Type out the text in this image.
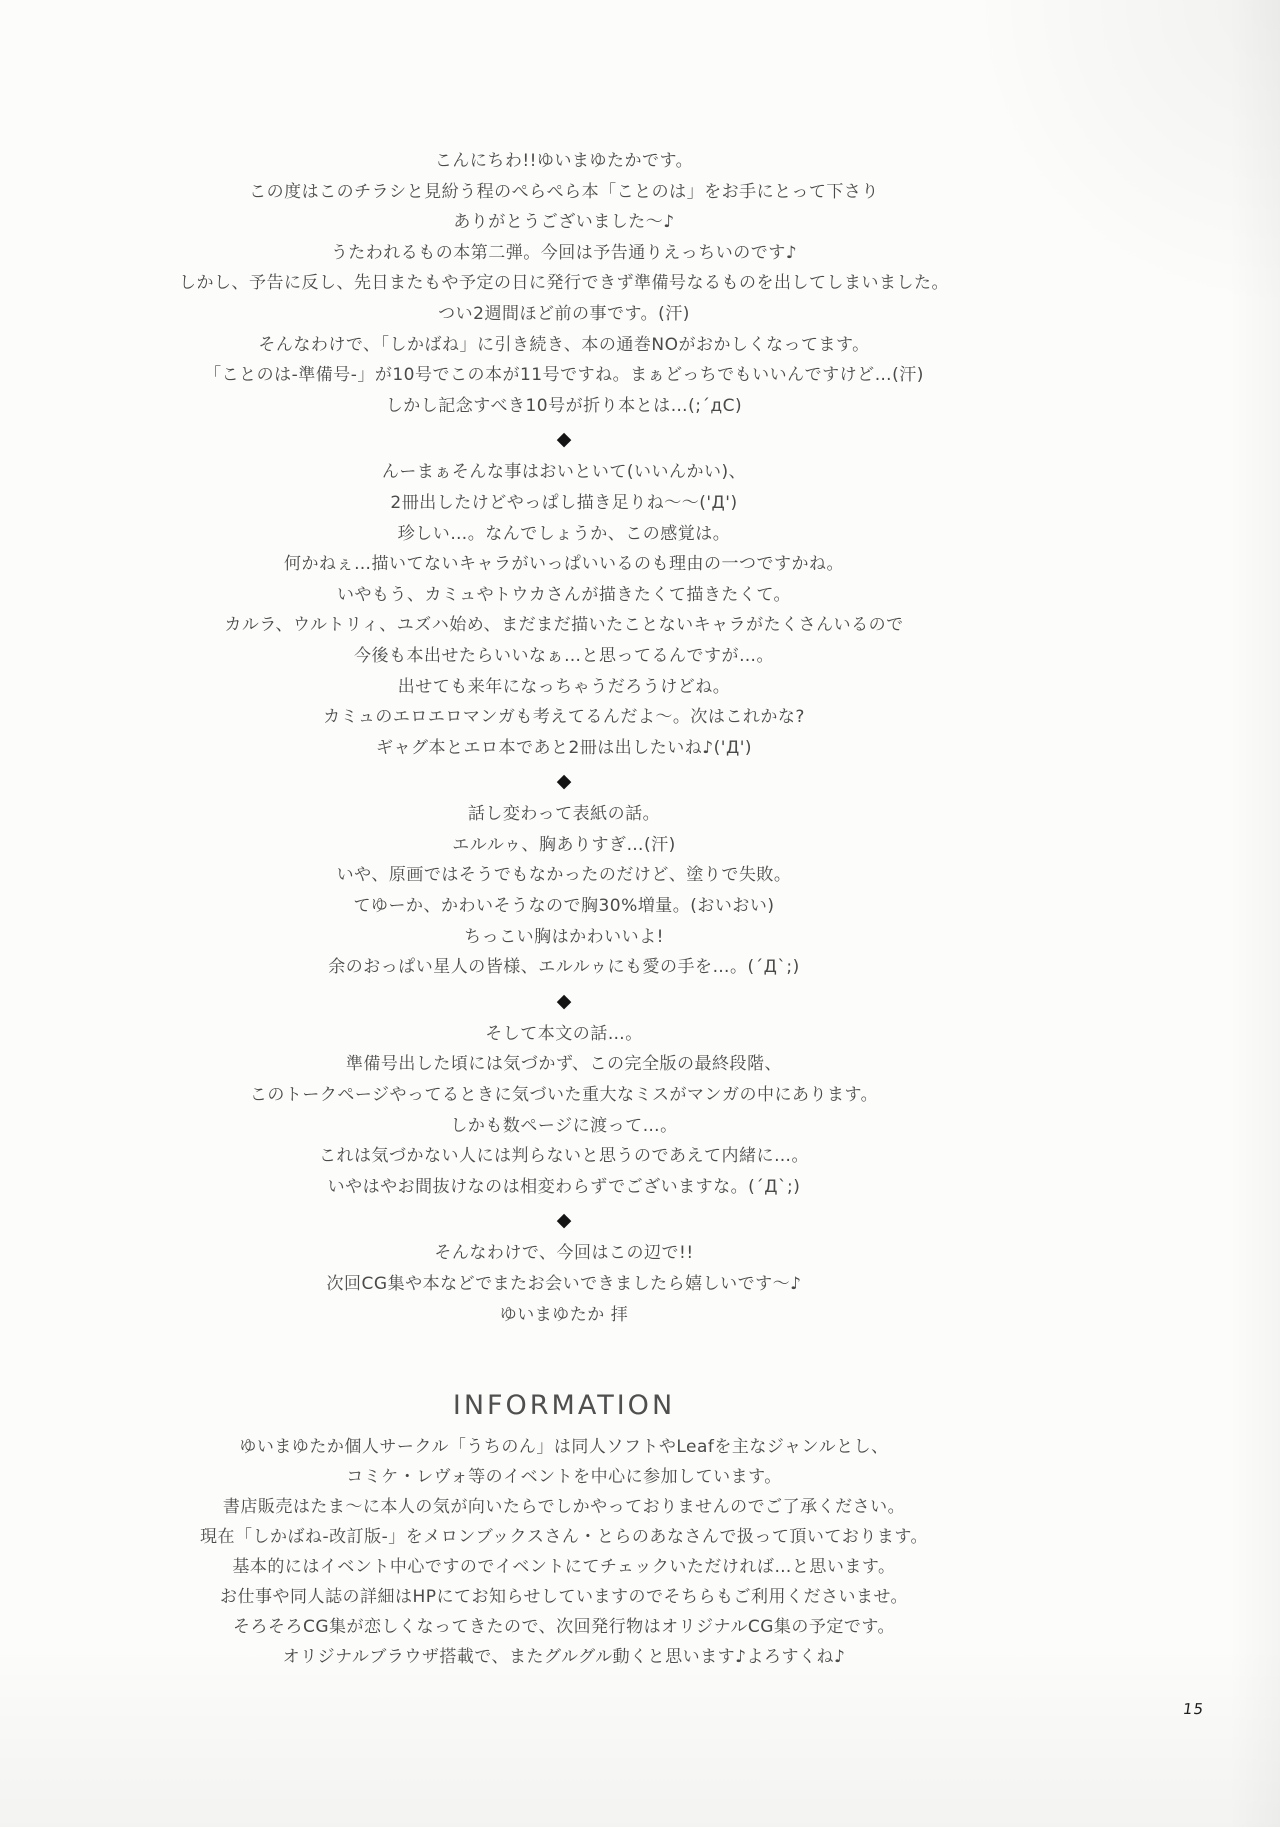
こんにちわ!!ゆいまゆたかです。
この度はこのチラシと見紛う程のぺらぺら本「ことのは」をお手にとって下さり
ありがとうございました〜♪
うたわれるもの本第二弾。今回は予告通りえっちいのです♪
しかし、予告に反し、先日またもや予定の日に発行できず準備号なるものを出してしまいました。
つい2週間ほど前の事です。(汗)
そんなわけで、「しかばね」に引き続き、本の通巻NOがおかしくなってます。
「ことのは-準備号-」が10号でこの本が11号ですね。まぁどっちでもいいんですけど…(汗)
しかし記念すべき10号が折り本とは…(;´дC)
◆
んーまぁそんな事はおいといて(いいんかい)、
2冊出したけどやっぱし描き足りね〜〜('Д')
珍しい…。なんでしょうか、この感覚は。
何かねぇ…描いてないキャラがいっぱいいるのも理由の一つですかね。
いやもう、カミュやトウカさんが描きたくて描きたくて。
カルラ、ウルトリィ、ユズハ始め、まだまだ描いたことないキャラがたくさんいるので
今後も本出せたらいいなぁ…と思ってるんですが…。
出せても来年になっちゃうだろうけどね。
カミュのエロエロマンガも考えてるんだよ〜。次はこれかな?
ギャグ本とエロ本であと2冊は出したいね♪('Д')
◆
話し変わって表紙の話。
エルルゥ、胸ありすぎ…(汗)
いや、原画ではそうでもなかったのだけど、塗りで失敗。
てゆーか、かわいそうなので胸30%増量。(おいおい)
ちっこい胸はかわいいよ!
余のおっぱい星人の皆様、エルルゥにも愛の手を…。(´Д`;)
◆
そして本文の話…。
準備号出した頃には気づかず、この完全版の最終段階、
このトークページやってるときに気づいた重大なミスがマンガの中にあります。
しかも数ページに渡って…。
これは気づかない人には判らないと思うのであえて内緒に…。
いやはやお間抜けなのは相変わらずでございますな。(´Д`;)
◆
そんなわけで、今回はこの辺で!!
次回CG集や本などでまたお会いできましたら嬉しいです〜♪
ゆいまゆたか 拝
INFORMATION
ゆいまゆたか個人サークル「うちのん」は同人ソフトやLeafを主なジャンルとし、
コミケ・レヴォ等のイベントを中心に参加しています。
書店販売はたま〜に本人の気が向いたらでしかやっておりませんのでご了承ください。
現在「しかばね-改訂版-」をメロンブックスさん・とらのあなさんで扱って頂いております。
基本的にはイベント中心ですのでイベントにてチェックいただければ…と思います。
お仕事や同人誌の詳細はHPにてお知らせしていますのでそちらもご利用くださいませ。
そろそろCG集が恋しくなってきたので、次回発行物はオリジナルCG集の予定です。
オリジナルブラウザ搭載で、またグルグル動くと思います♪よろすくね♪
15
